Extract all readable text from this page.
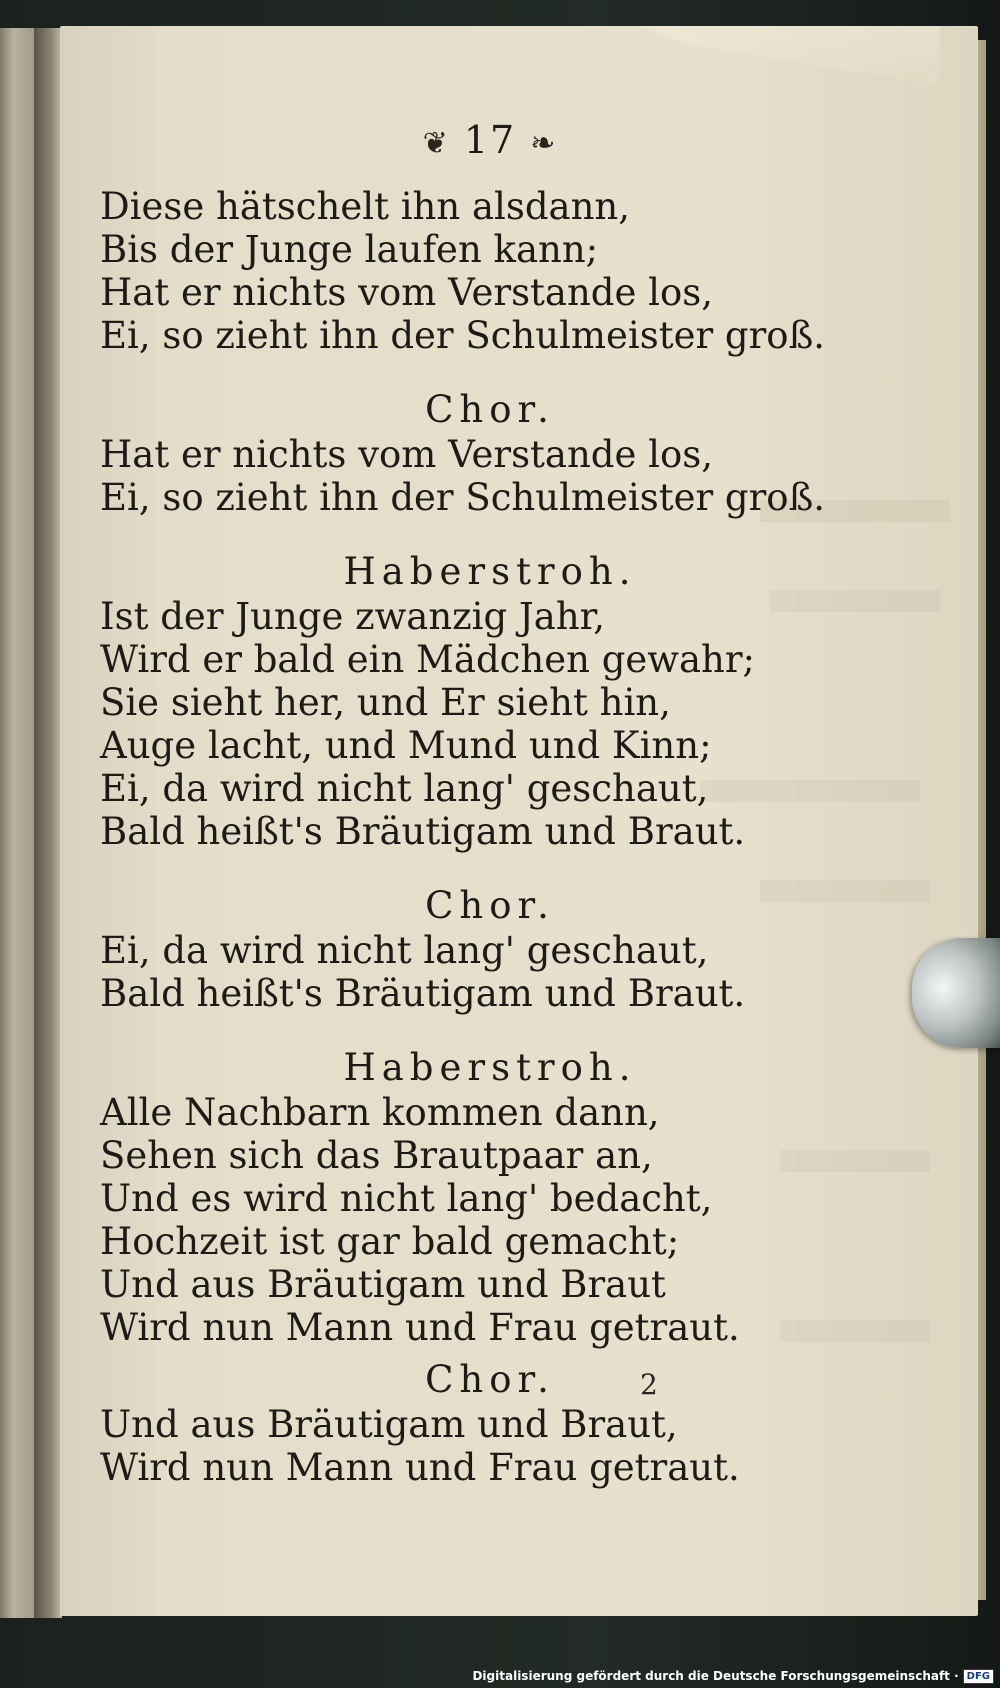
❦ 17 ❧
Diese hätschelt ihn alsdann,
Bis der Junge laufen kann;
Hat er nichts vom Verstande los,
Ei, so zieht ihn der Schulmeister groß.
Chor.
Hat er nichts vom Verstande los,
Ei, so zieht ihn der Schulmeister groß.
Haberstroh.
Ist der Junge zwanzig Jahr,
Wird er bald ein Mädchen gewahr;
Sie sieht her, und Er sieht hin,
Auge lacht, und Mund und Kinn;
Ei, da wird nicht lang' geschaut,
Bald heißt's Bräutigam und Braut.
Chor.
Ei, da wird nicht lang' geschaut,
Bald heißt's Bräutigam und Braut.
Haberstroh.
Alle Nachbarn kommen dann,
Sehen sich das Brautpaar an,
Und es wird nicht lang' bedacht,
Hochzeit ist gar bald gemacht;
Und aus Bräutigam und Braut
Wird nun Mann und Frau getraut.
Chor.
Und aus Bräutigam und Braut,
Wird nun Mann und Frau getraut.
2
Digitalisierung gefördert durch die Deutsche Forschungsgemeinschaft · DFG
